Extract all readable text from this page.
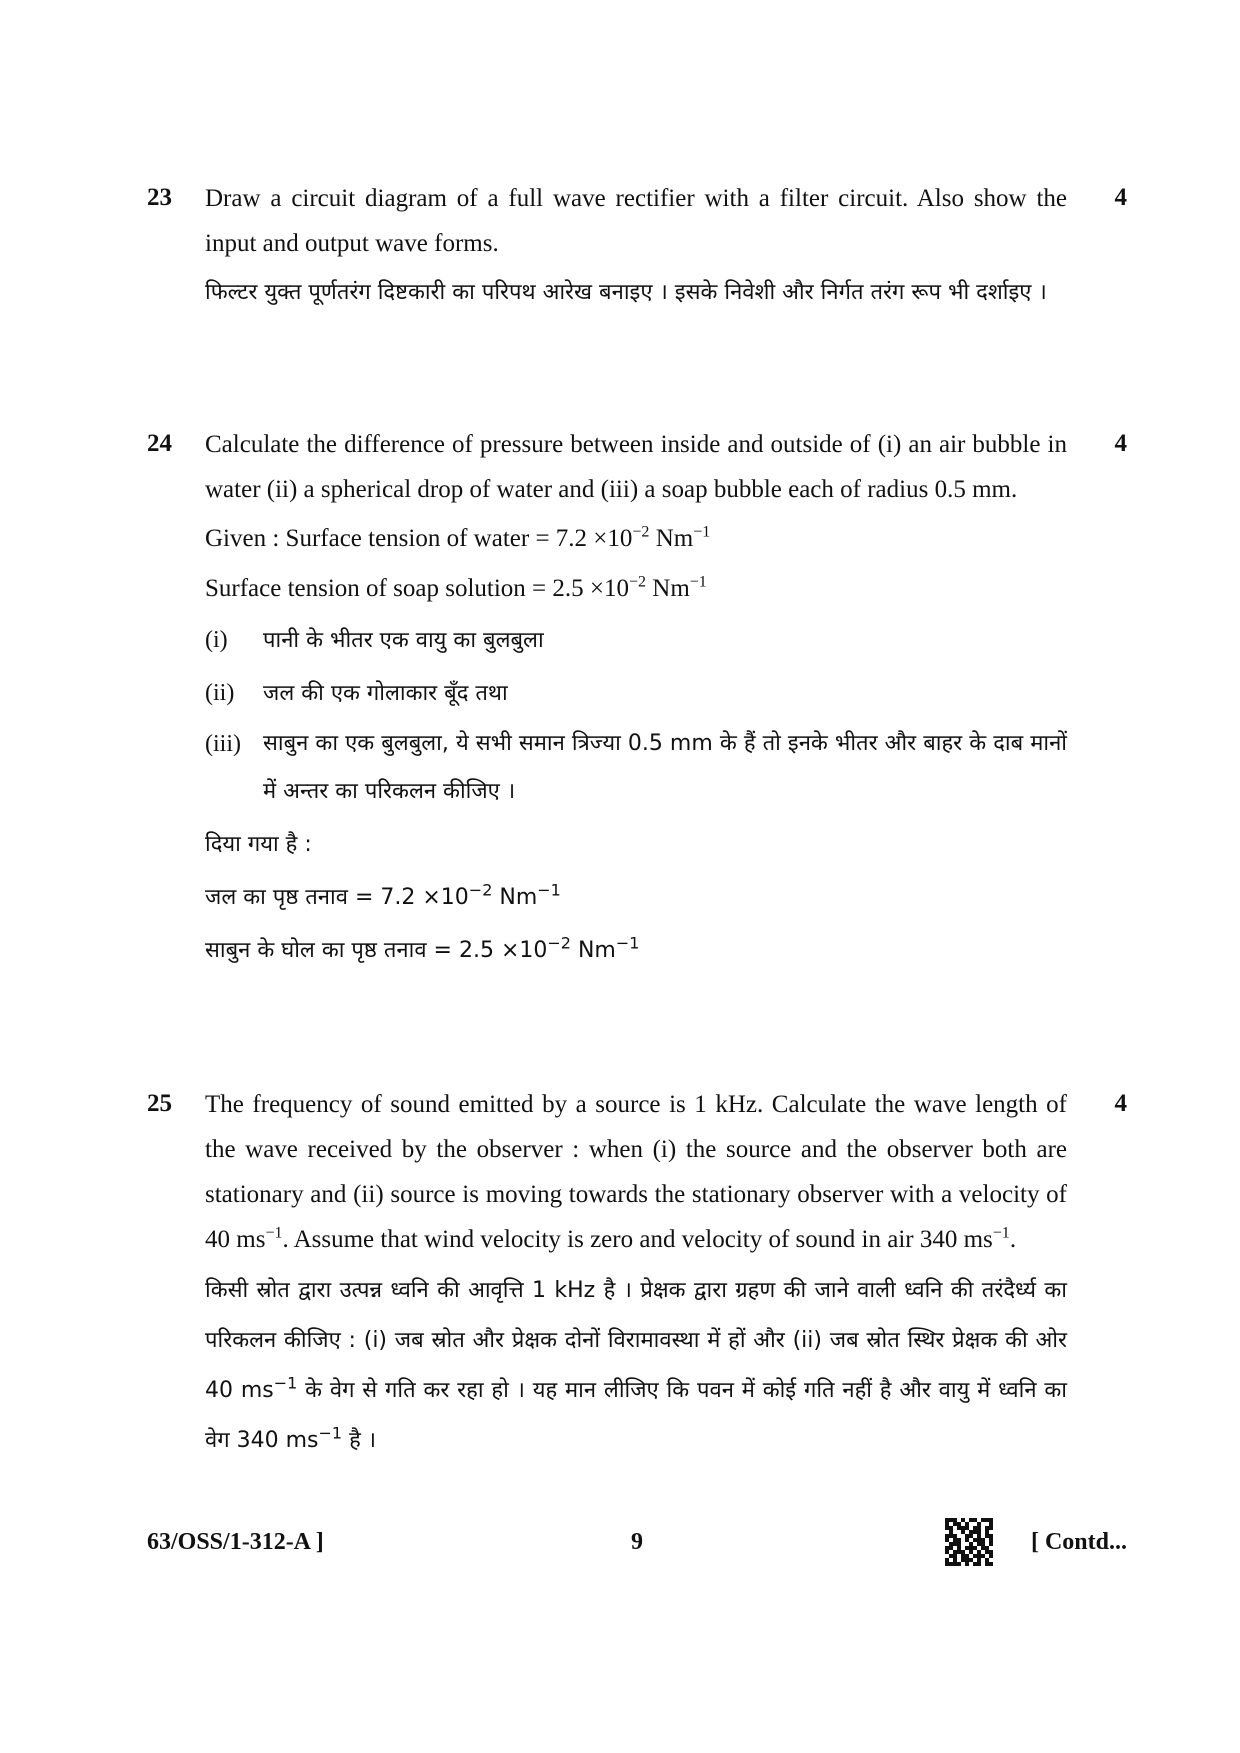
23	4

Draw a circuit diagram of a full wave rectifier with a filter circuit. Also show the input and output wave forms.

फिल्टर युक्त पूर्णतरंग दिष्टकारी का परिपथ आरेख बनाइए । इसके निवेशी और निर्गत तरंग रूप भी दर्शाइए ।

24	4

Calculate the difference of pressure between inside and outside of (i) an air bubble in water (ii) a spherical drop of water and (iii) a soap bubble each of radius 0.5 mm.

Given : Surface tension of water = $7.2 \times 10^{-2}$ $Nm^{-1}$

Surface tension of soap solution = $2.5 \times 10^{-2}$ $Nm^{-1}$

(i) पानी के भीतर एक वायु का बुलबुला
(ii) जल की एक गोलाकार बूँद तथा
(iii) साबुन का एक बुलबुला, ये सभी समान त्रिज्या 0.5 mm के हैं तो इनके भीतर और बाहर के दाब मानों में अन्तर का परिकलन कीजिए ।

दिया गया है :

जल का पृष्ठ तनाव = $7.2 \times 10^{-2}$ $Nm^{-1}$

साबुन के घोल का पृष्ठ तनाव = $2.5 \times 10^{-2}$ $Nm^{-1}$

25	4

The frequency of sound emitted by a source is 1 kHz. Calculate the wave length of the wave received by the observer : when (i) the source and the observer both are stationary and (ii) source is moving towards the stationary observer with a velocity of 40 $ms^{-1}$. Assume that wind velocity is zero and velocity of sound in air 340 $ms^{-1}$.

किसी स्रोत द्वारा उत्पन्न ध्वनि की आवृत्ति 1 kHz है । प्रेक्षक द्वारा ग्रहण की जाने वाली ध्वनि की तरंदैर्ध्य का परिकलन कीजिए : (i) जब स्रोत और प्रेक्षक दोनों विरामावस्था में हों और (ii) जब स्रोत स्थिर प्रेक्षक की ओर 40 $ms^{-1}$ के वेग से गति कर रहा हो । यह मान लीजिए कि पवन में कोई गति नहीं है और वायु में ध्वनि का वेग 340 $ms^{-1}$ है ।

63/OSS/1-312-A ]	9	[ Contd...
